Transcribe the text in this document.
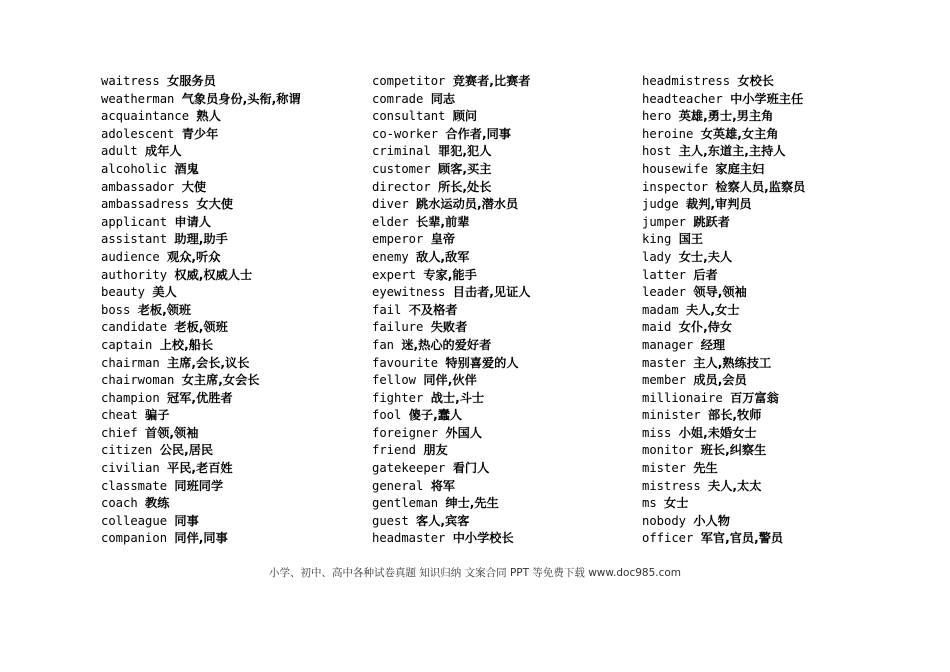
waitress 女服务员
weatherman 气象员身份,头衔,称谓
acquaintance 熟人
adolescent 青少年
adult 成年人
alcoholic 酒鬼
ambassador 大使
ambassadress 女大使
applicant 申请人
assistant 助理,助手
audience 观众,听众
authority 权威,权威人士
beauty 美人
boss 老板,领班
candidate 老板,领班
captain 上校,船长
chairman 主席,会长,议长
chairwoman 女主席,女会长
champion 冠军,优胜者
cheat 骗子
chief 首领,领袖
citizen 公民,居民
civilian 平民,老百姓
classmate 同班同学
coach 教练
colleague 同事
companion 同伴,同事
competitor 竞赛者,比赛者
comrade 同志
consultant 顾问
co-worker 合作者,同事
criminal 罪犯,犯人
customer 顾客,买主
director 所长,处长
diver 跳水运动员,潜水员
elder 长辈,前辈
emperor 皇帝
enemy 敌人,敌军
expert 专家,能手
eyewitness 目击者,见证人
fail 不及格者
failure 失败者
fan 迷,热心的爱好者
favourite 特别喜爱的人
fellow 同伴,伙伴
fighter 战士,斗士
fool 傻子,蠢人
foreigner 外国人
friend 朋友
gatekeeper 看门人
general 将军
gentleman 绅士,先生
guest 客人,宾客
headmaster 中小学校长
headmistress 女校长
headteacher 中小学班主任
hero 英雄,勇士,男主角
heroine 女英雄,女主角
host 主人,东道主,主持人
housewife 家庭主妇
inspector 检察人员,监察员
judge 裁判,审判员
jumper 跳跃者
king 国王
lady 女士,夫人
latter 后者
leader 领导,领袖
madam 夫人,女士
maid 女仆,侍女
manager 经理
master 主人,熟练技工
member 成员,会员
millionaire 百万富翁
minister 部长,牧师
miss 小姐,未婚女士
monitor 班长,纠察生
mister 先生
mistress 夫人,太太
ms 女士
nobody 小人物
officer 军官,官员,警员
小学、初中、高中各种试卷真题 知识归纳 文案合同 PPT 等免费下载 www.doc985.com
